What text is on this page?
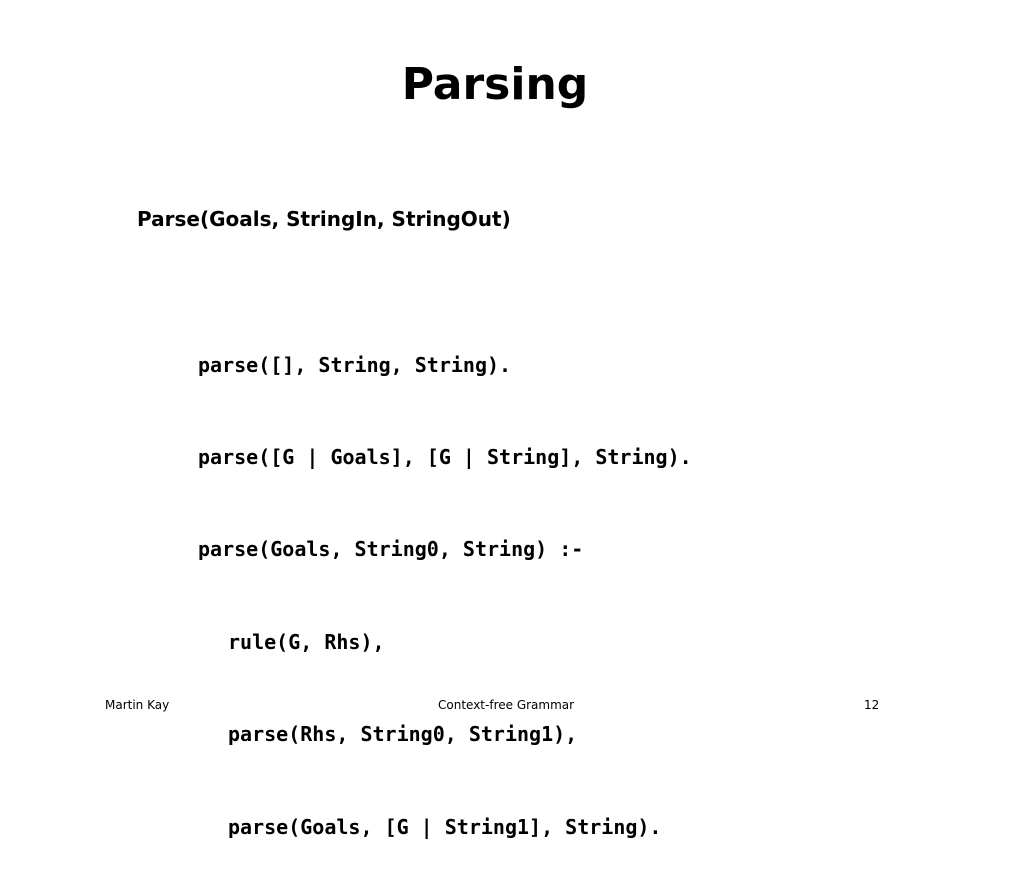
Parsing
Parse(Goals, StringIn, StringOut)

parse([], String, String).

parse([G | Goals], [G | String], String).

parse(Goals, String0, String) :-

rule(G, Rhs),

parse(Rhs, String0, String1),

parse(Goals, [G | String1], String).

Martin Kay	Context-free Grammar	12
